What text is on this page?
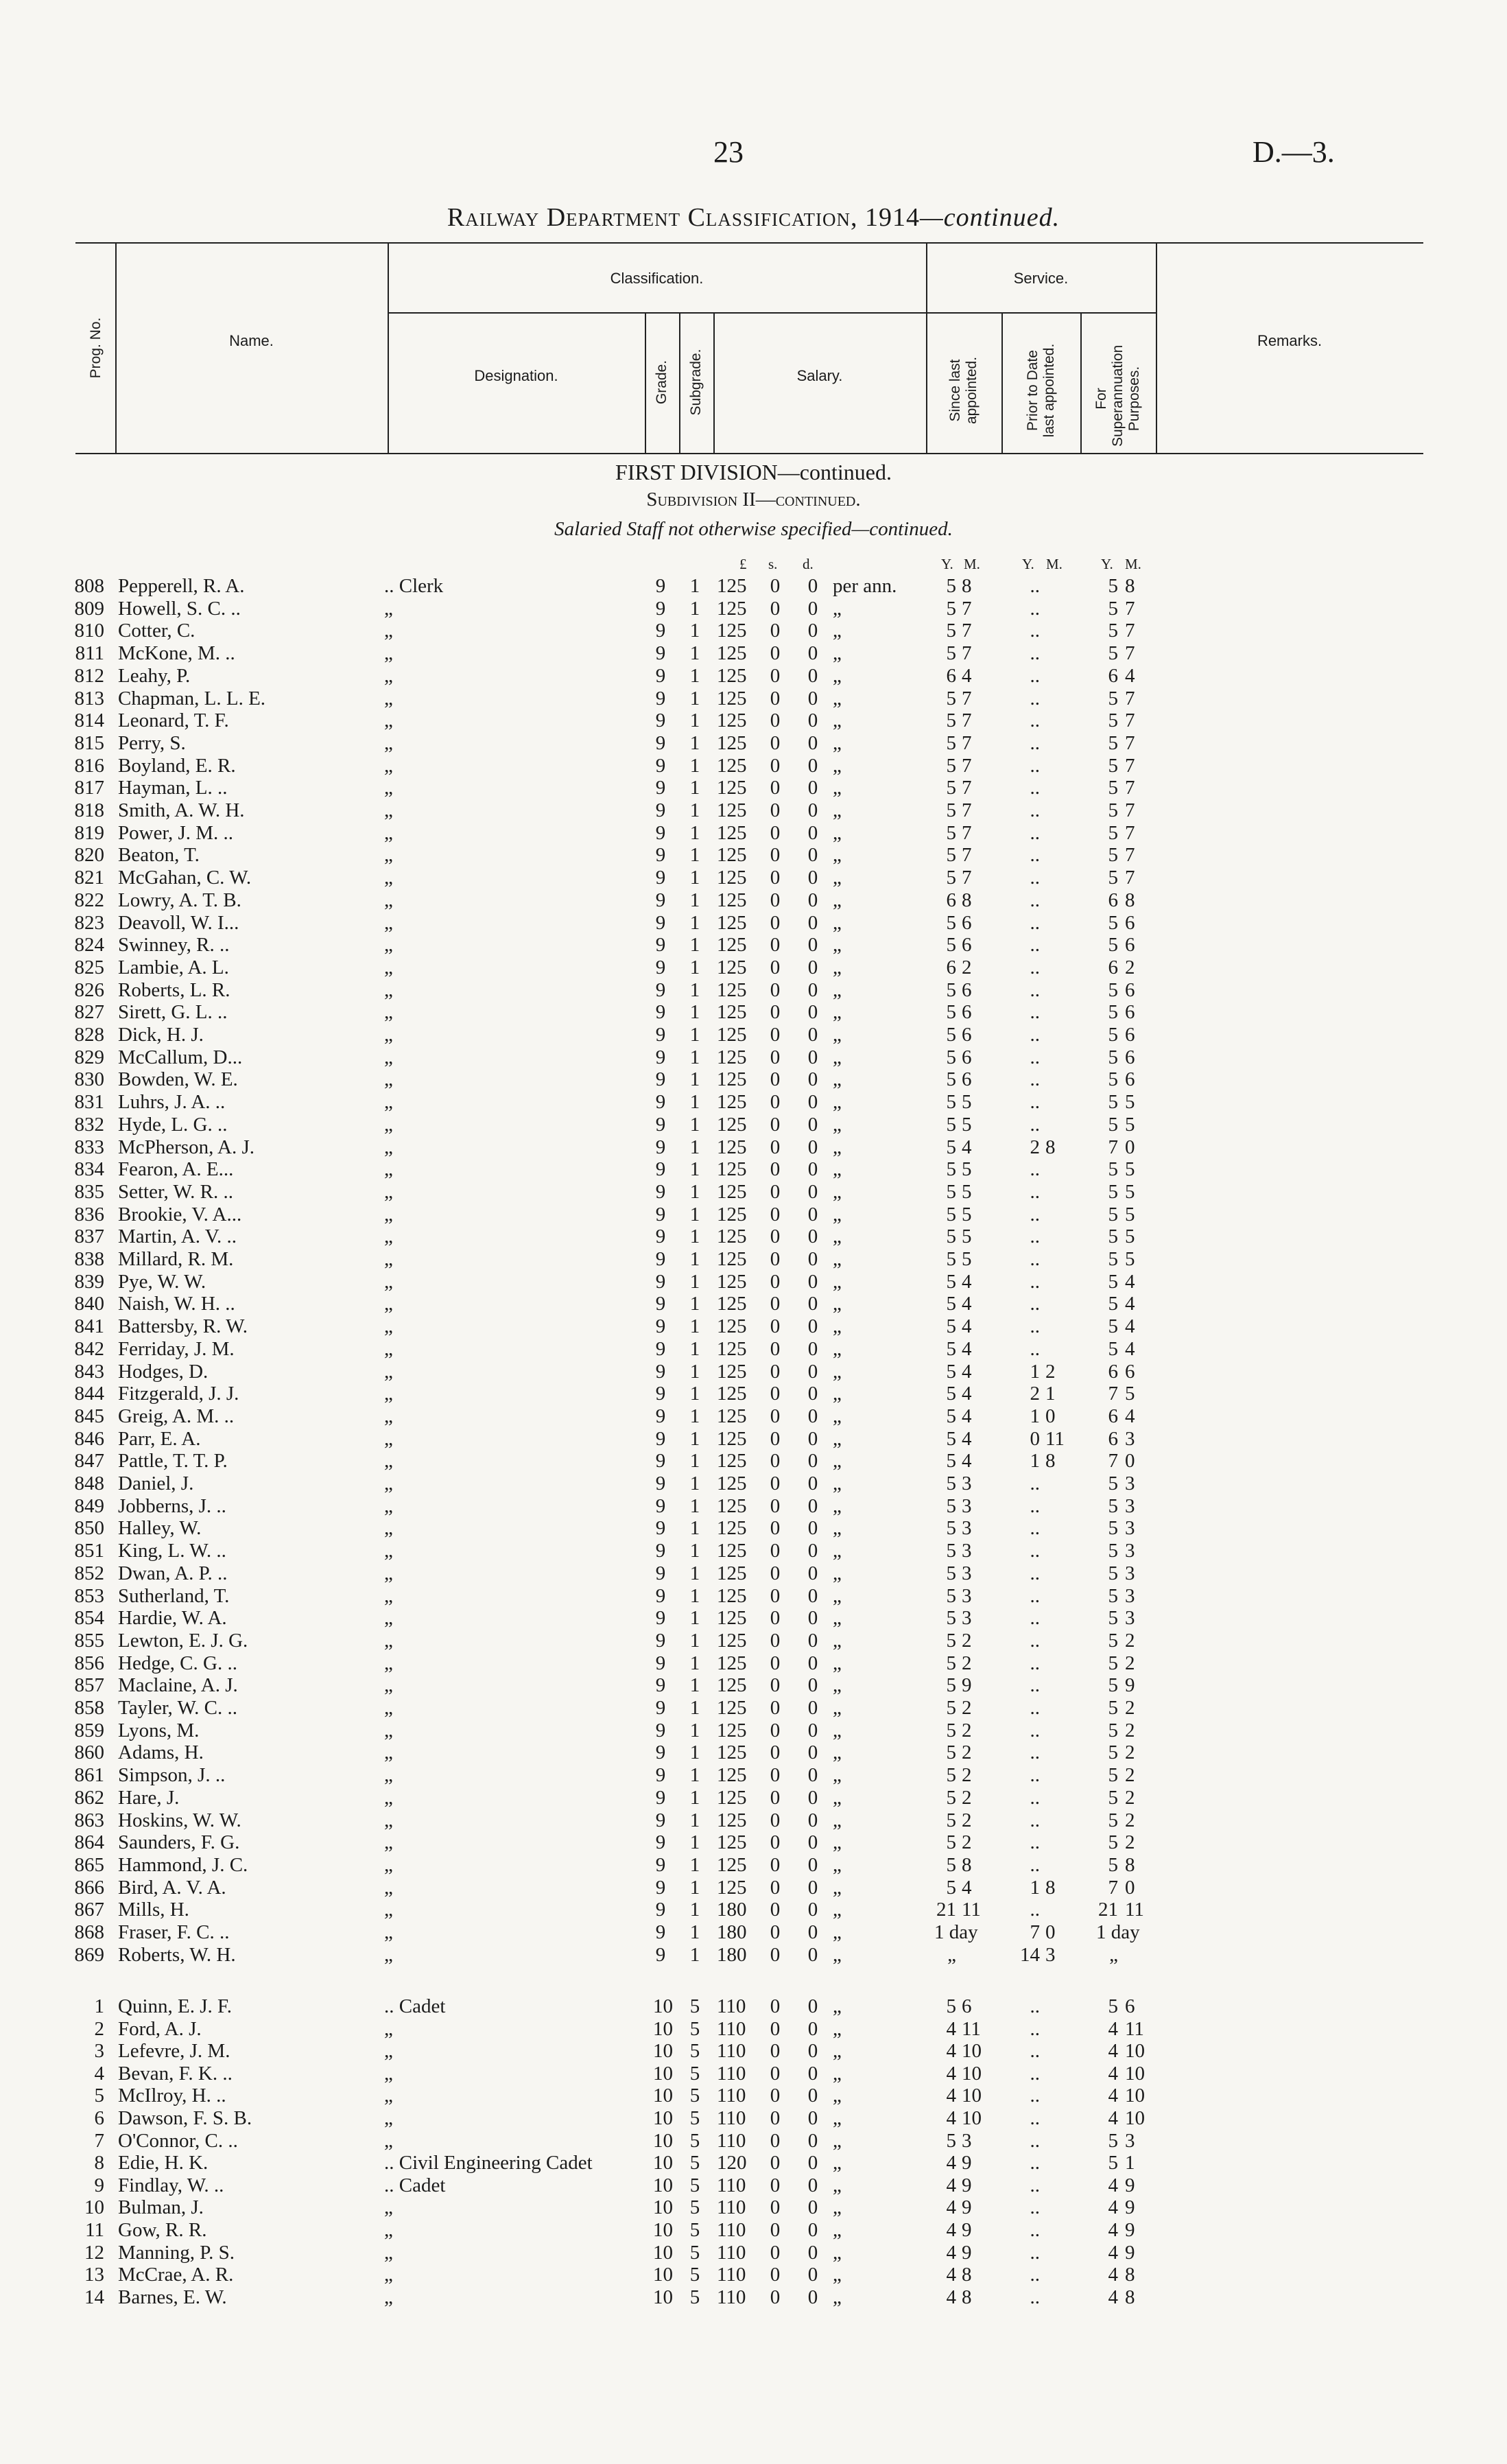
23	D.—3.
Railway Department Classification, 1914—continued.
Prog. No.	Name.
Classification.
Designation.	Grade. Subgrade.	Salary.
Service.
Since last appointed.	Prior to Date last appointed.	For Superannuation Purposes.
Remarks.
FIRST DIVISION—continued.
Subdivision II—continued.
Salaried Staff not otherwise specified—continued.
£ s. d.	Y. M.	Y. M.	Y. M.
808 Pepperell, R. A.	.. Clerk	9 1 125 0 0 per ann.	5 8	..	5 8
809 Howell, S. C. ..	„	9 1 125 0 0 „	5 7	..	5 7
810 Cotter, C.	„	9 1 125 0 0 „	5 7	..	5 7
811 McKone, M. ..	„	9 1 125 0 0 „	5 7	..	5 7
812 Leahy, P.	„	9 1 125 0 0 „	6 4	..	6 4
813 Chapman, L. L. E.	„	9 1 125 0 0 „	5 7	..	5 7
814 Leonard, T. F.	„	9 1 125 0 0 „	5 7	..	5 7
815 Perry, S.	„	9 1 125 0 0 „	5 7	..	5 7
816 Boyland, E. R.	„	9 1 125 0 0 „	5 7	..	5 7
817 Hayman, L. ..	„	9 1 125 0 0 „	5 7	..	5 7
818 Smith, A. W. H.	„	9 1 125 0 0 „	5 7	..	5 7
819 Power, J. M. ..	„	9 1 125 0 0 „	5 7	..	5 7
820 Beaton, T.	„	9 1 125 0 0 „	5 7	..	5 7
821 McGahan, C. W.	„	9 1 125 0 0 „	5 7	..	5 7
822 Lowry, A. T. B.	„	9 1 125 0 0 „	6 8	..	6 8
823 Deavoll, W. I...	„	9 1 125 0 0 „	5 6	..	5 6
824 Swinney, R. ..	„	9 1 125 0 0 „	5 6	..	5 6
825 Lambie, A. L.	„	9 1 125 0 0 „	6 2	..	6 2
826 Roberts, L. R.	„	9 1 125 0 0 „	5 6	..	5 6
827 Sirett, G. L. ..	„	9 1 125 0 0 „	5 6	..	5 6
828 Dick, H. J.	„	9 1 125 0 0 „	5 6	..	5 6
829 McCallum, D...	„	9 1 125 0 0 „	5 6	..	5 6
830 Bowden, W. E.	„	9 1 125 0 0 „	5 6	..	5 6
831 Luhrs, J. A. ..	„	9 1 125 0 0 „	5 5	..	5 5
832 Hyde, L. G. ..	„	9 1 125 0 0 „	5 5	..	5 5
833 McPherson, A. J.	„	9 1 125 0 0 „	5 4	2 8	7 0
834 Fearon, A. E...	„	9 1 125 0 0 „	5 5	..	5 5
835 Setter, W. R. ..	„	9 1 125 0 0 „	5 5	..	5 5
836 Brookie, V. A...	„	9 1 125 0 0 „	5 5	..	5 5
837 Martin, A. V. ..	„	9 1 125 0 0 „	5 5	..	5 5
838 Millard, R. M.	„	9 1 125 0 0 „	5 5	..	5 5
839 Pye, W. W.	„	9 1 125 0 0 „	5 4	..	5 4
840 Naish, W. H. ..	„	9 1 125 0 0 „	5 4	..	5 4
841 Battersby, R. W.	„	9 1 125 0 0 „	5 4	..	5 4
842 Ferriday, J. M.	„	9 1 125 0 0 „	5 4	..	5 4
843 Hodges, D.	„	9 1 125 0 0 „	5 4	1 2	6 6
844 Fitzgerald, J. J.	„	9 1 125 0 0 „	5 4	2 1	7 5
845 Greig, A. M. ..	„	9 1 125 0 0 „	5 4	1 0	6 4
846 Parr, E. A.	„	9 1 125 0 0 „	5 4	0 11	6 3
847 Pattle, T. T. P.	„	9 1 125 0 0 „	5 4	1 8	7 0
848 Daniel, J.	„	9 1 125 0 0 „	5 3	..	5 3
849 Jobberns, J. ..	„	9 1 125 0 0 „	5 3	..	5 3
850 Halley, W.	„	9 1 125 0 0 „	5 3	..	5 3
851 King, L. W. ..	„	9 1 125 0 0 „	5 3	..	5 3
852 Dwan, A. P. ..	„	9 1 125 0 0 „	5 3	..	5 3
853 Sutherland, T.	„	9 1 125 0 0 „	5 3	..	5 3
854 Hardie, W. A.	„	9 1 125 0 0 „	5 3	..	5 3
855 Lewton, E. J. G.	„	9 1 125 0 0 „	5 2	..	5 2
856 Hedge, C. G. ..	„	9 1 125 0 0 „	5 2	..	5 2
857 Maclaine, A. J.	„	9 1 125 0 0 „	5 9	..	5 9
858 Tayler, W. C. ..	„	9 1 125 0 0 „	5 2	..	5 2
859 Lyons, M.	„	9 1 125 0 0 „	5 2	..	5 2
860 Adams, H.	„	9 1 125 0 0 „	5 2	..	5 2
861 Simpson, J. ..	„	9 1 125 0 0 „	5 2	..	5 2
862 Hare, J.	„	9 1 125 0 0 „	5 2	..	5 2
863 Hoskins, W. W.	„	9 1 125 0 0 „	5 2	..	5 2
864 Saunders, F. G.	„	9 1 125 0 0 „	5 2	..	5 2
865 Hammond, J. C.	„	9 1 125 0 0 „	5 8	..	5 8
866 Bird, A. V. A.	„	9 1 125 0 0 „	5 4	1 8	7 0
867 Mills, H.	„	9 1 180 0 0 „	21 11	..	21 11
868 Fraser, F. C. ..	„	9 1 180 0 0 „	1 day	7 0	1 day
869 Roberts, W. H.	„	9 1 180 0 0 „	„	14 3	„
1 Quinn, E. J. F.	.. Cadet	10 5 110 0 0 „	5 6	..	5 6
2 Ford, A. J.	„	10 5 110 0 0 „	4 11	..	4 11
3 Lefevre, J. M.	„	10 5 110 0 0 „	4 10	..	4 10
4 Bevan, F. K. ..	„	10 5 110 0 0 „	4 10	..	4 10
5 McIlroy, H. ..	„	10 5 110 0 0 „	4 10	..	4 10
6 Dawson, F. S. B.	„	10 5 110 0 0 „	4 10	..	4 10
7 O'Connor, C. ..	„	10 5 110 0 0 „	5 3	..	5 3
8 Edie, H. K.	.. Civil Engineering Cadet	10 5 120 0 0 „	4 9	..	5 1
9 Findlay, W. ..	.. Cadet	10 5 110 0 0 „	4 9	..	4 9
10 Bulman, J.	„	10 5 110 0 0 „	4 9	..	4 9
11 Gow, R. R.	„	10 5 110 0 0 „	4 9	..	4 9
12 Manning, P. S.	„	10 5 110 0 0 „	4 9	..	4 9
13 McCrae, A. R.	„	10 5 110 0 0 „	4 8	..	4 8
14 Barnes, E. W.	„	10 5 110 0 0 „	4 8	..	4 8
